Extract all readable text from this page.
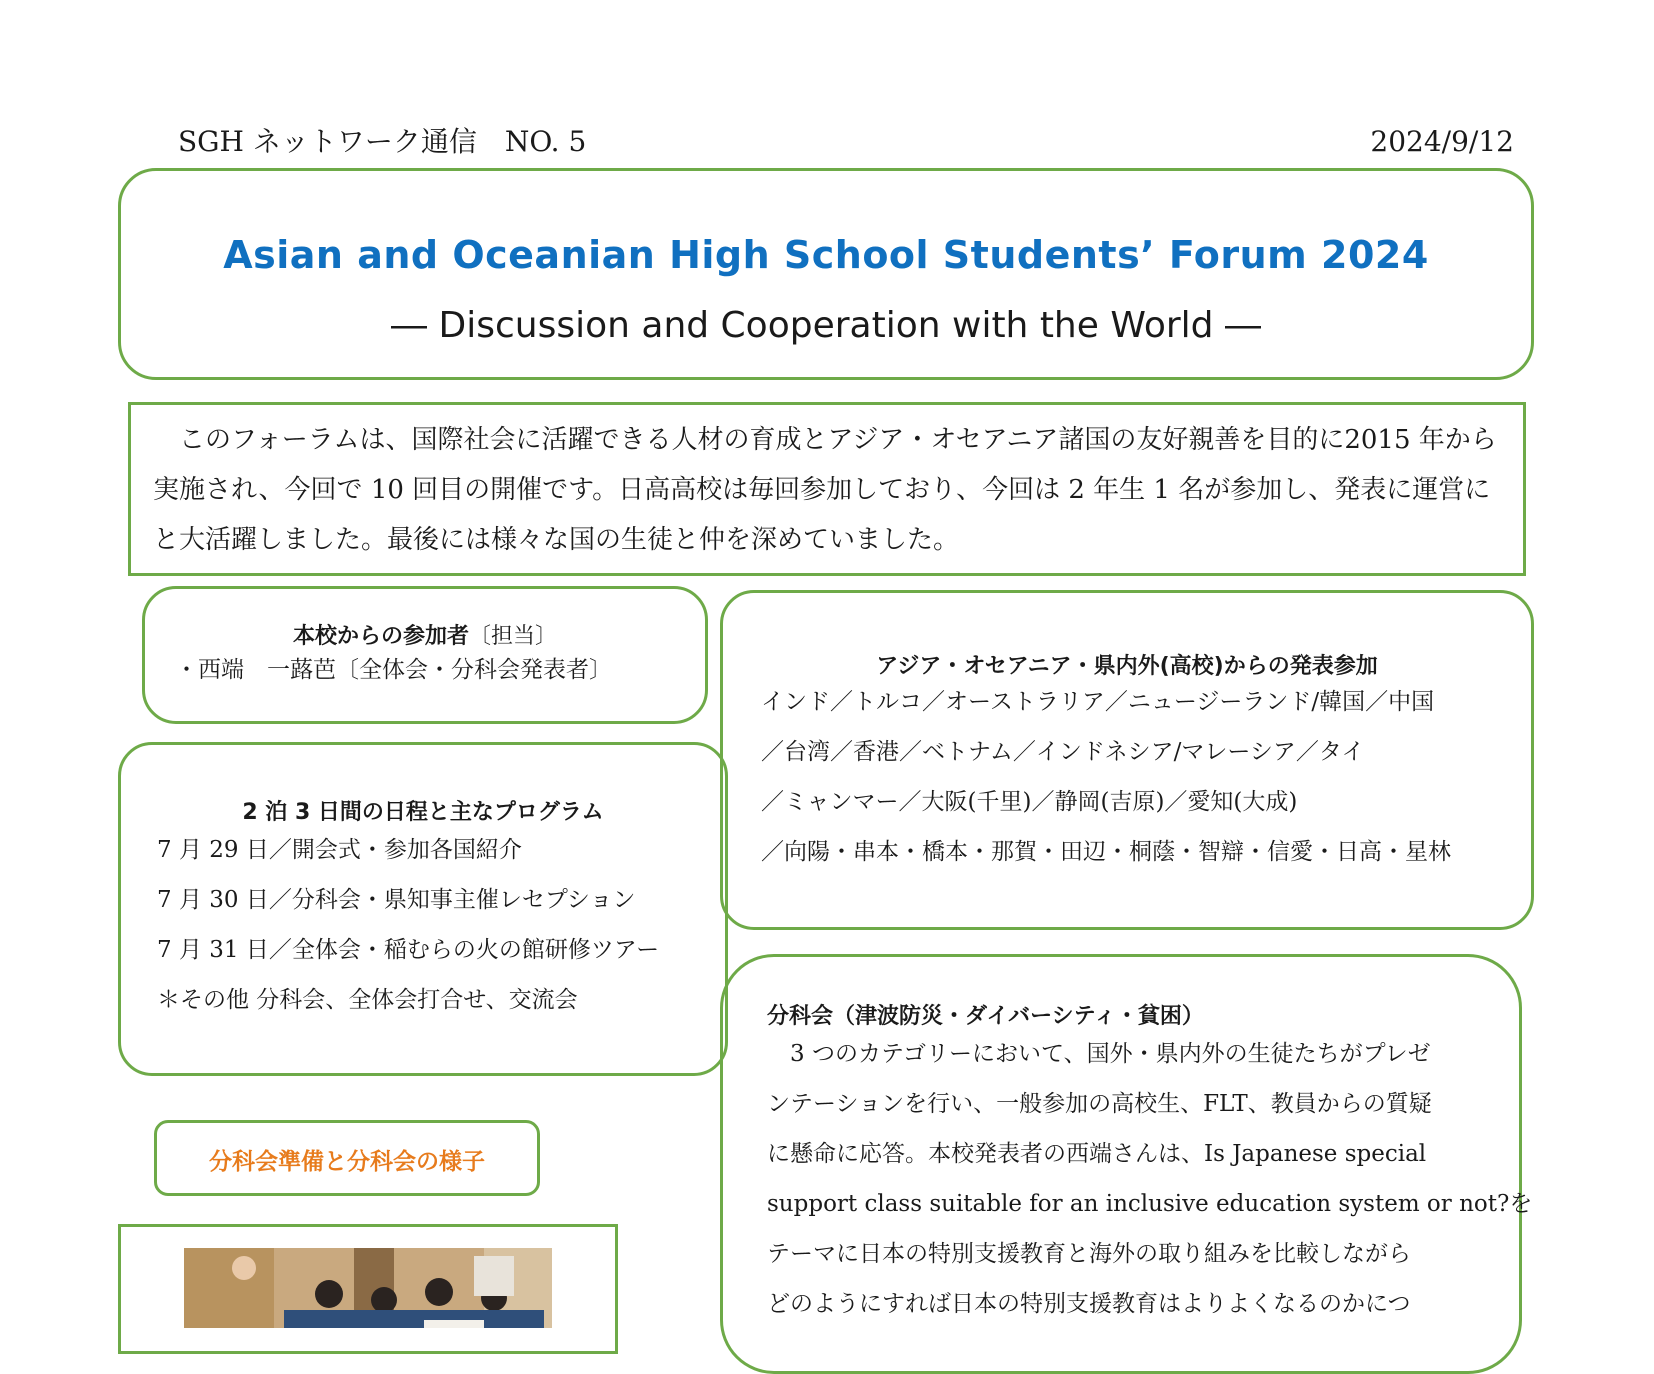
SGH ネットワーク通信　NO. 5	2024/9/12
Asian and Oceanian High School Students’ Forum 2024
― Discussion and Cooperation with the World ―

このフォーラムは、国際社会に活躍できる人材の育成とアジア・オセアニア諸国の友好親善を目的に2015 年から実施され、今回で 10 回目の開催です。日高高校は毎回参加しており、今回は 2 年生 1 名が参加し、発表に運営にと大活躍しました。最後には様々な国の生徒と仲を深めていました。

本校からの参加者〔担当〕
・西端　一蕗芭〔全体会・分科会発表者〕
2 泊 3 日間の日程と主なプログラム
7 月 29 日／開会式・参加各国紹介
7 月 30 日／分科会・県知事主催レセプション
7 月 31 日／全体会・稲むらの火の館研修ツアー
＊その他 分科会、全体会打合せ、交流会
アジア・オセアニア・県内外(高校)からの発表参加
インド／トルコ／オーストラリア／ニュージーランド/韓国／中国
／台湾／香港／ベトナム／インドネシア/マレーシア／タイ
／ミャンマー／大阪(千里)／静岡(吉原)／愛知(大成)
／向陽・串本・橋本・那賀・田辺・桐蔭・智辯・信愛・日高・星林
分科会（津波防災・ダイバーシティ・貧困）
　3 つのカテゴリーにおいて、国外・県内外の生徒たちがプレゼ
ンテーションを行い、一般参加の高校生、FLT、教員からの質疑
に懸命に応答。本校発表者の西端さんは、Is Japanese special
support class suitable for an inclusive education system or not?を
テーマに日本の特別支援教育と海外の取り組みを比較しながら
どのようにすれば日本の特別支援教育はよりよくなるのかにつ
分科会準備と分科会の様子
